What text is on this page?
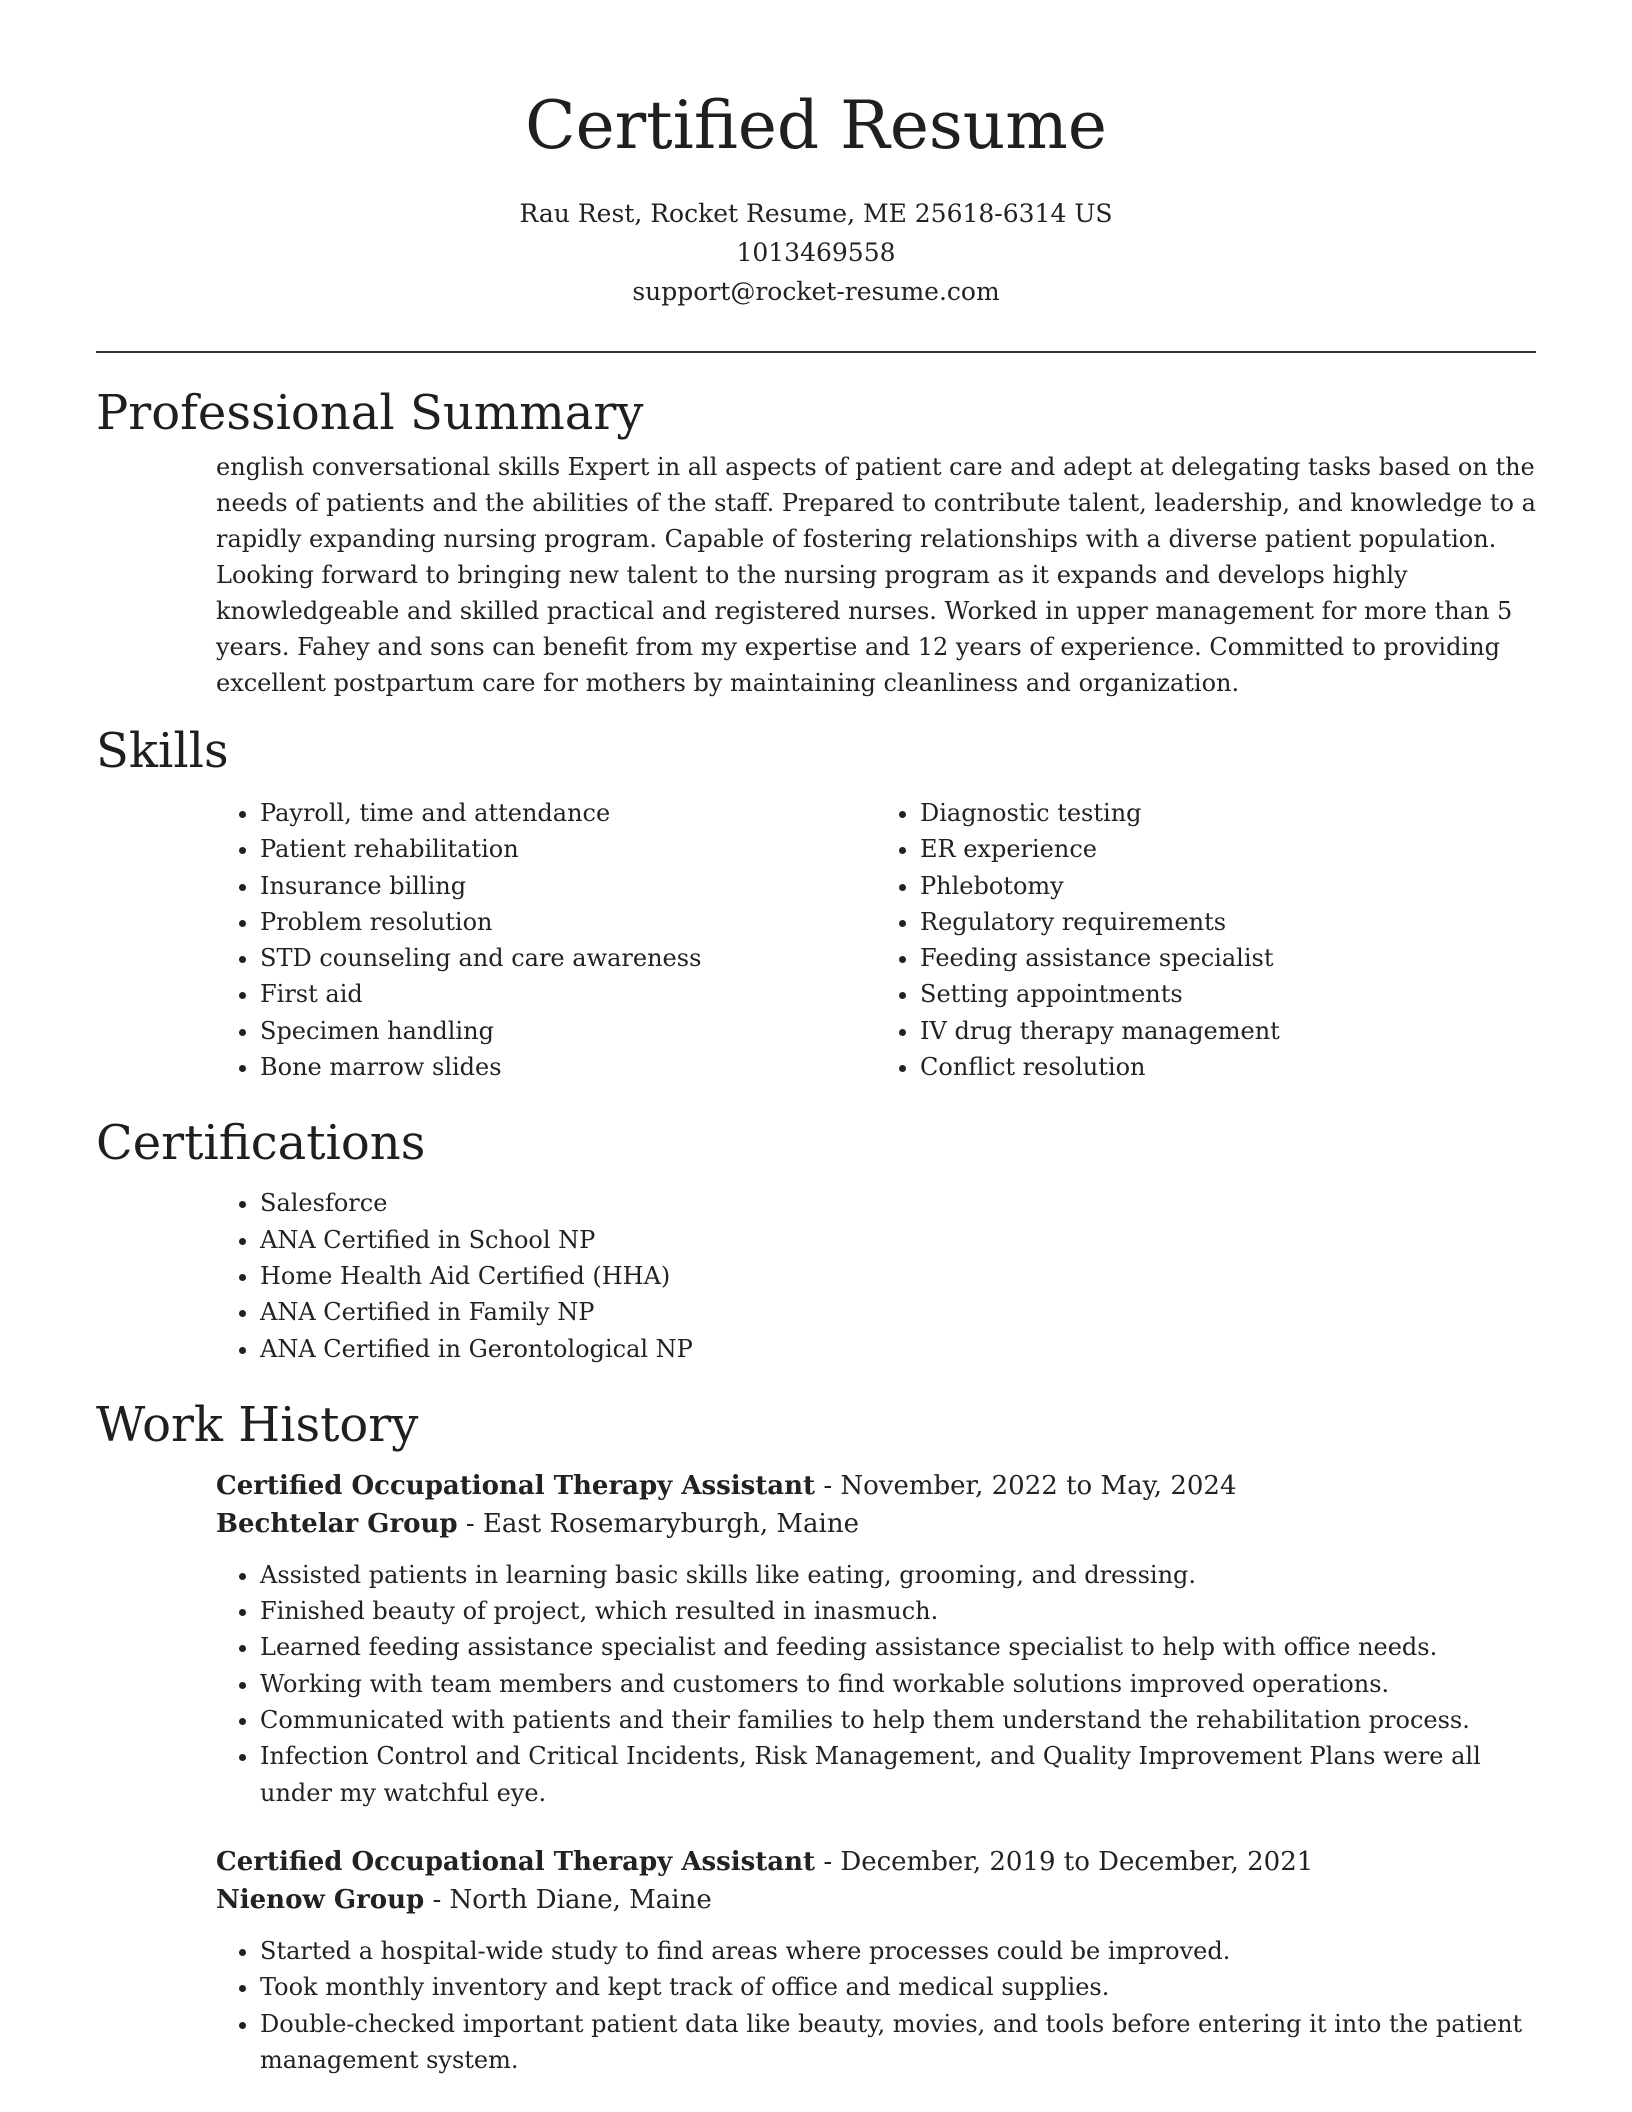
Certified Resume
Rau Rest, Rocket Resume, ME 25618-6314 US
1013469558
support@rocket-resume.com
Professional Summary
english conversational skills Expert in all aspects of patient care and adept at delegating tasks based on the needs of patients and the abilities of the staff. Prepared to contribute talent, leadership, and knowledge to a rapidly expanding nursing program. Capable of fostering relationships with a diverse patient population. Looking forward to bringing new talent to the nursing program as it expands and develops highly knowledgeable and skilled practical and registered nurses. Worked in upper management for more than 5 years. Fahey and sons can benefit from my expertise and 12 years of experience. Committed to providing excellent postpartum care for mothers by maintaining cleanliness and organization.
Skills
• Payroll, time and attendance
• Patient rehabilitation
• Insurance billing
• Problem resolution
• STD counseling and care awareness
• First aid
• Specimen handling
• Bone marrow slides
• Diagnostic testing
• ER experience
• Phlebotomy
• Regulatory requirements
• Feeding assistance specialist
• Setting appointments
• IV drug therapy management
• Conflict resolution
Certifications
• Salesforce
• ANA Certified in School NP
• Home Health Aid Certified (HHA)
• ANA Certified in Family NP
• ANA Certified in Gerontological NP
Work History
Certified Occupational Therapy Assistant - November, 2022 to May, 2024
Bechtelar Group - East Rosemaryburgh, Maine
• Assisted patients in learning basic skills like eating, grooming, and dressing.
• Finished beauty of project, which resulted in inasmuch.
• Learned feeding assistance specialist and feeding assistance specialist to help with office needs.
• Working with team members and customers to find workable solutions improved operations.
• Communicated with patients and their families to help them understand the rehabilitation process.
• Infection Control and Critical Incidents, Risk Management, and Quality Improvement Plans were all under my watchful eye.
Certified Occupational Therapy Assistant - December, 2019 to December, 2021
Nienow Group - North Diane, Maine
• Started a hospital-wide study to find areas where processes could be improved.
• Took monthly inventory and kept track of office and medical supplies.
• Double-checked important patient data like beauty, movies, and tools before entering it into the patient management system.
